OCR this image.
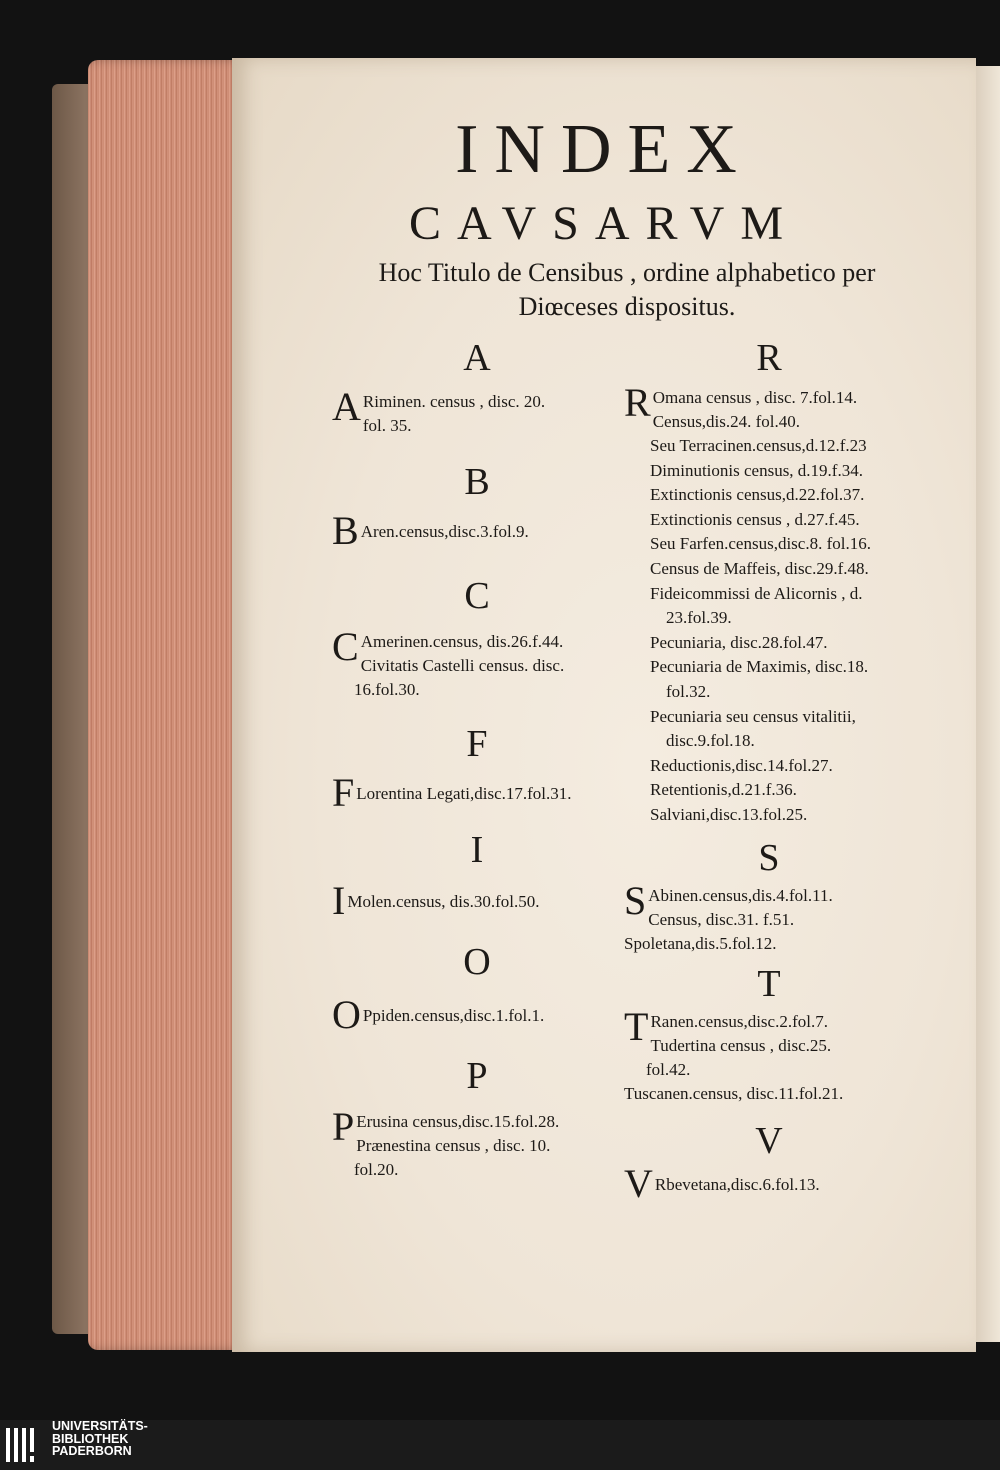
INDEX
CAVSARVM
Hoc Titulo de Censibus , ordine alphabetico per
Diœceses dispositus.
A
A Riminen. census , disc. 20.
fol. 35.
B
B Aren.census,disc.3.fol.9.
C
C Amerinen.census, dis.26.f.44.
Civitatis Castelli census. disc.
16.fol.30.
F
F Lorentina Legati,disc.17.fol.31.
I
I Molen.census, dis.30.fol.50.
O
O Ppiden.census,disc.1.fol.1.
P
P Erusina census,disc.15.fol.28.
Prænestina census , disc. 10.
fol.20.
R
R Omana census , disc. 7.fol.14.
Census,dis.24. fol.40.
Seu Terracinen.census,d.12.f.23
Diminutionis census, d.19.f.34.
Extinctionis census,d.22.fol.37.
Extinctionis census , d.27.f.45.
Seu Farfen.census,disc.8. fol.16.
Census de Maffeis, disc.29.f.48.
Fideicommissi de Alicornis , d.
23.fol.39.
Pecuniaria, disc.28.fol.47.
Pecuniaria de Maximis, disc.18.
fol.32.
Pecuniaria seu census vitalitii,
disc.9.fol.18.
Reductionis,disc.14.fol.27.
Retentionis,d.21.f.36.
Salviani,disc.13.fol.25.
S
S Abinen.census,dis.4.fol.11.
Census, disc.31. f.51.
Spoletana,dis.5.fol.12.
T
T Ranen.census,disc.2.fol.7.
Tudertina census , disc.25.
fol.42.
Tuscanen.census, disc.11.fol.21.
V
V Rbevetana,disc.6.fol.13.
UNIVERSITÄTS-
BIBLIOTHEK
PADERBORN
